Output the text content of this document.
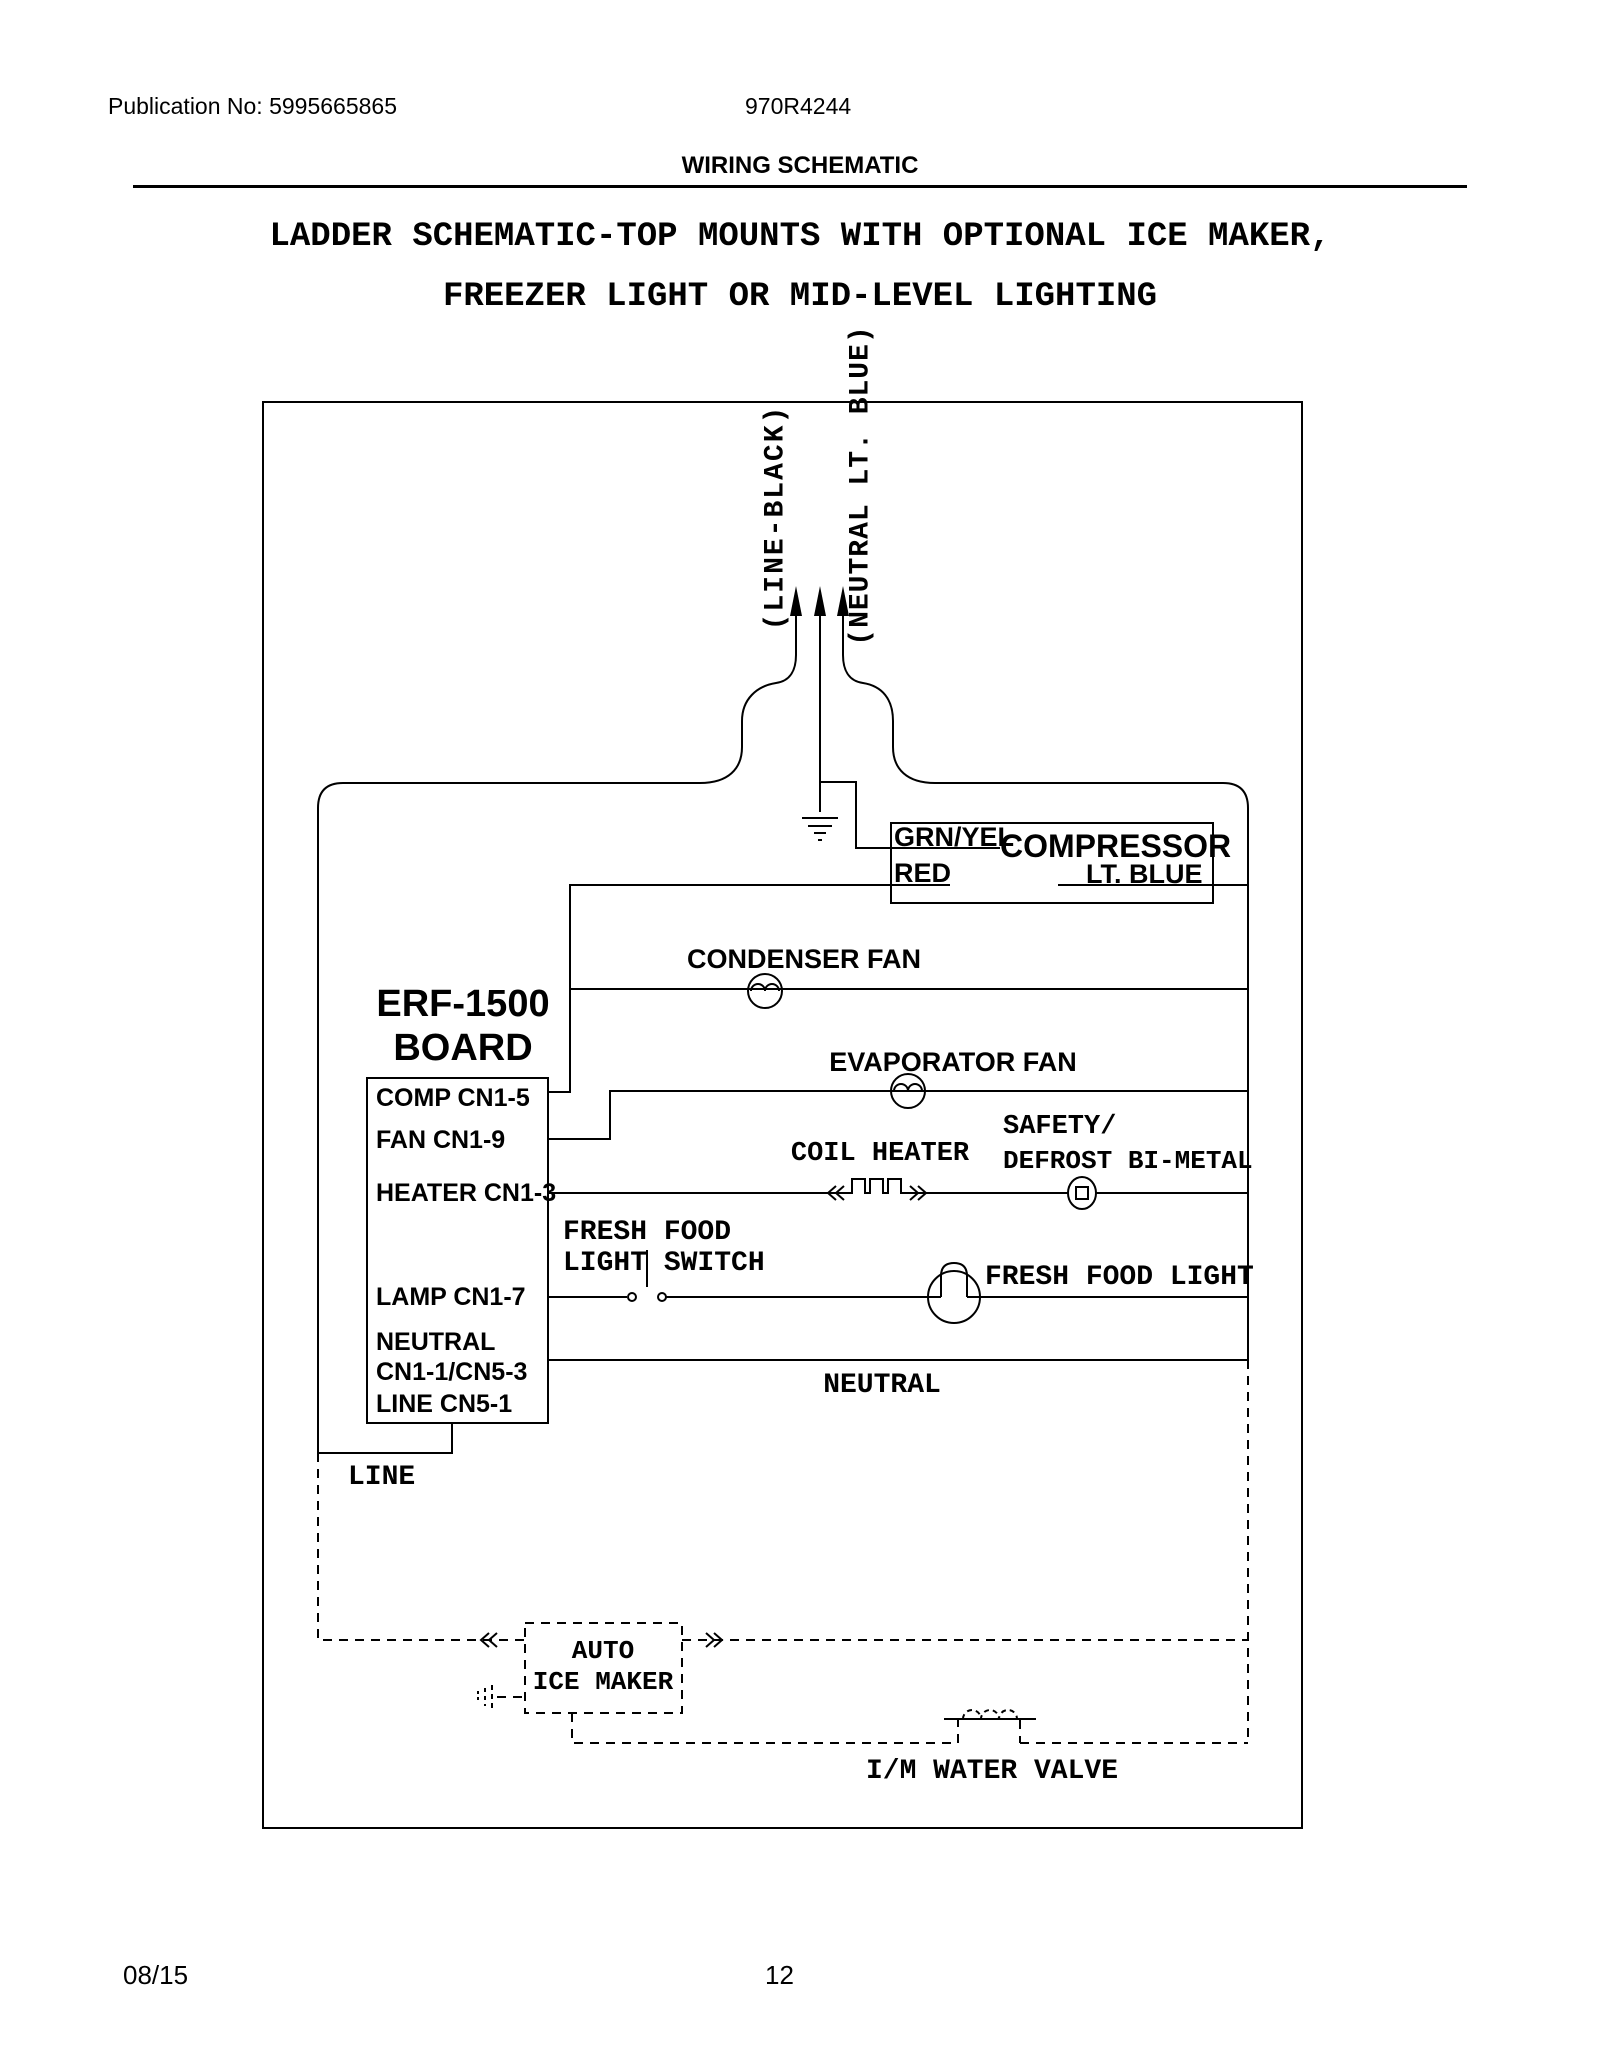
Publication No: 5995665865	970R4244
WIRING SCHEMATIC
LADDER SCHEMATIC-TOP MOUNTS WITH OPTIONAL ICE MAKER,
FREEZER LIGHT OR MID-LEVEL LIGHTING
(LINE-BLACK) (NEUTRAL LT. BLUE)
GRN/YEL
RED
COMPRESSOR
LT. BLUE
CONDENSER FAN
EVAPORATOR FAN
ERF-1500
BOARD
COMP CN1-5
FAN CN1-9
HEATER CN1-3
LAMP CN1-7
NEUTRAL
CN1-1/CN5-3
LINE CN5-1
COIL HEATER
SAFETY/
DEFROST BI-METAL
FRESH FOOD
LIGHT SWITCH	FRESH FOOD LIGHT
NEUTRAL
LINE
AUTO
ICE MAKER
I/M WATER VALVE
08/15	12
